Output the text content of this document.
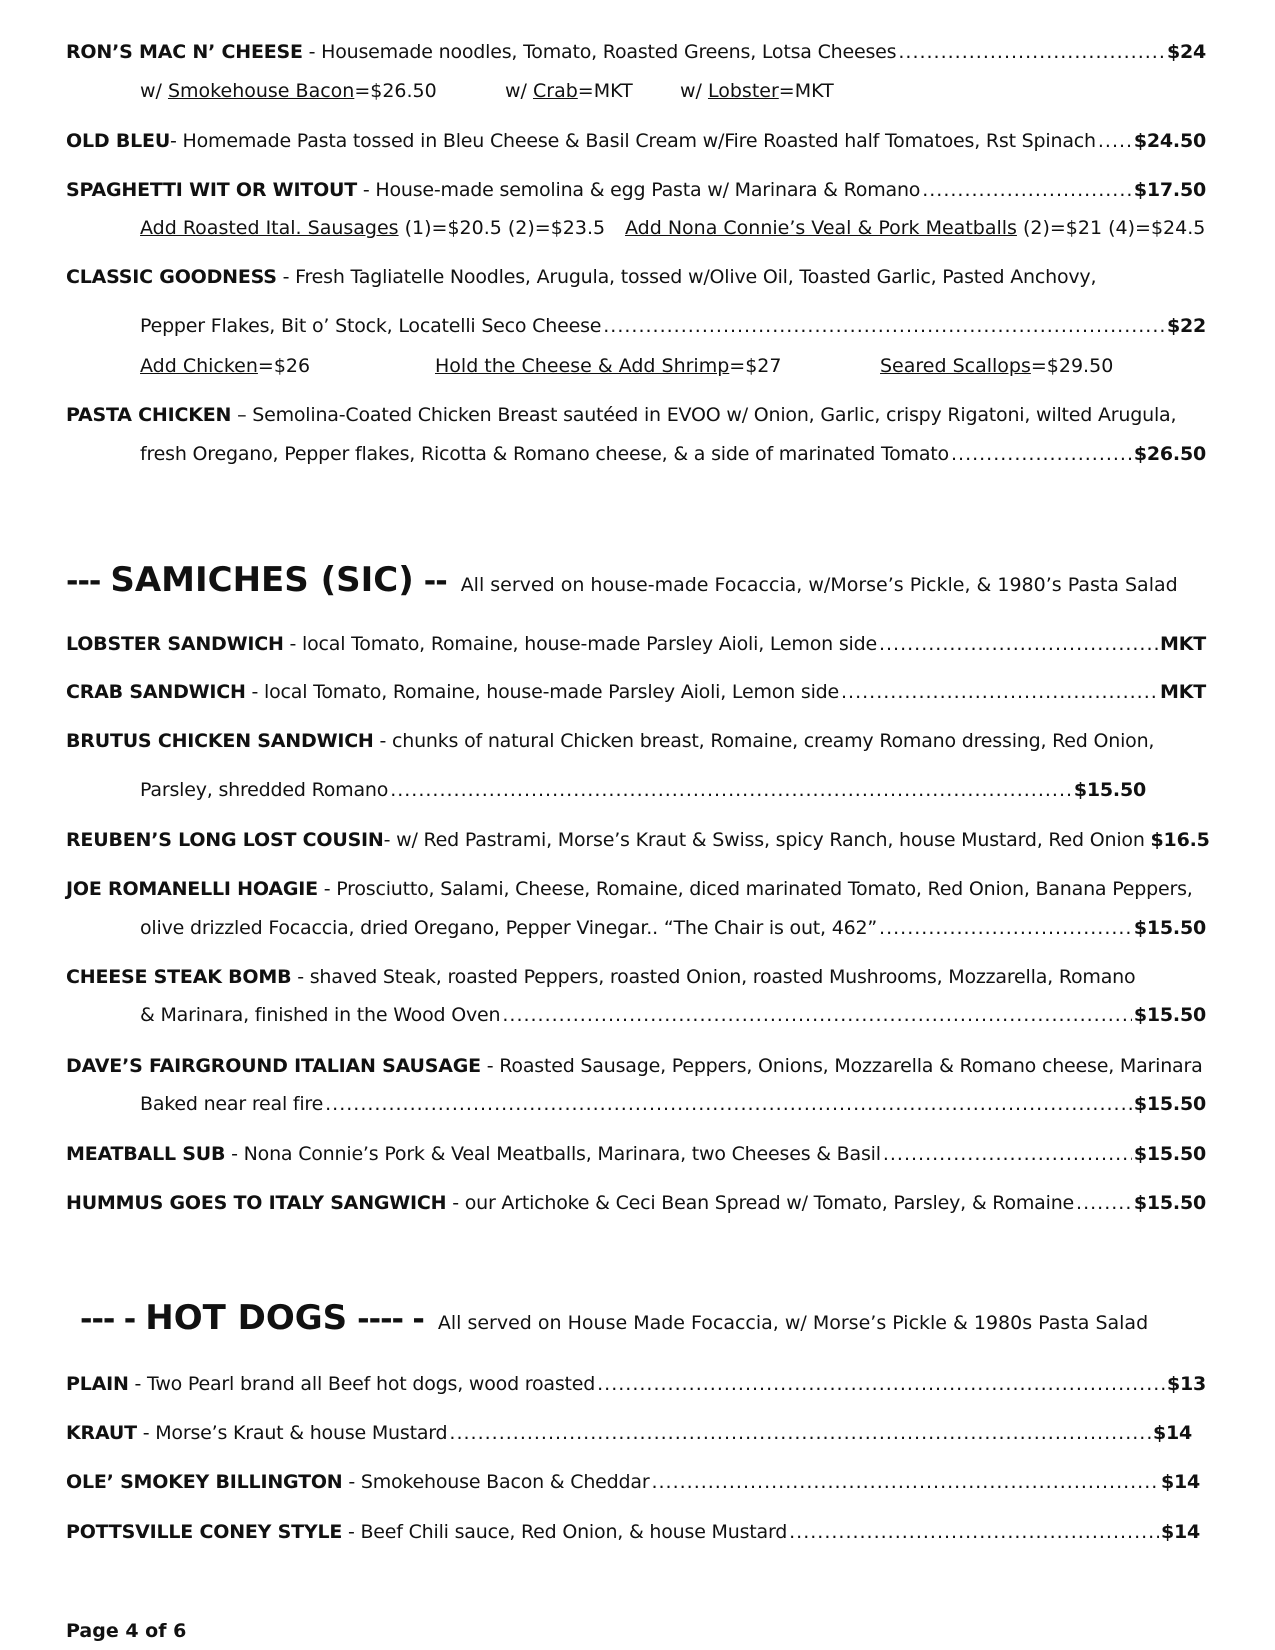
RON’S MAC N’ CHEESE - Housemade noodles, Tomato, Roasted Greens, Lotsa Cheeses .....	$24
w/ Smokehouse Bacon=$26.50	w/ Crab=MKT w/ Lobster=MKT
OLD BLEU- Homemade Pasta tossed in Bleu Cheese & Basil Cream w/Fire Roasted half Tomatoes, Rst Spinach ..... $24.50
SPAGHETTI WIT OR WITOUT - House-made semolina & egg Pasta w/ Marinara & Romano .....	$17.50
Add Roasted Ital. Sausages (1)=$20.5 (2)=$23.5 Add Nona Connie’s Veal & Pork Meatballs (2)=$21 (4)=$24.5
CLASSIC GOODNESS - Fresh Tagliatelle Noodles, Arugula, tossed w/Olive Oil, Toasted Garlic, Pasted Anchovy,
Pepper Flakes, Bit o’ Stock, Locatelli Seco Cheese .....	$22
Add Chicken=$26	Hold the Cheese & Add Shrimp=$27	Seared Scallops=$29.50
PASTA CHICKEN – Semolina-Coated Chicken Breast sautéed in EVOO w/ Onion, Garlic, crispy Rigatoni, wilted Arugula,
fresh Oregano, Pepper flakes, Ricotta & Romano cheese, & a side of marinated Tomato .....	$26.50
--- SAMICHES (SIC) -- All served on house-made Focaccia, w/Morse’s Pickle, & 1980’s Pasta Salad
LOBSTER SANDWICH - local Tomato, Romaine, house-made Parsley Aioli, Lemon side .....	MKT
CRAB SANDWICH - local Tomato, Romaine, house-made Parsley Aioli, Lemon side .....	MKT
BRUTUS CHICKEN SANDWICH - chunks of natural Chicken breast, Romaine, creamy Romano dressing, Red Onion,
Parsley, shredded Romano .....	$15.50
REUBEN’S LONG LOST COUSIN- w/ Red Pastrami, Morse’s Kraut & Swiss, spicy Ranch, house Mustard, Red Onion $16.5
JOE ROMANELLI HOAGIE - Prosciutto, Salami, Cheese, Romaine, diced marinated Tomato, Red Onion, Banana Peppers,
olive drizzled Focaccia, dried Oregano, Pepper Vinegar.. “The Chair is out, 462” .....	$15.50
CHEESE STEAK BOMB - shaved Steak, roasted Peppers, roasted Onion, roasted Mushrooms, Mozzarella, Romano
& Marinara, finished in the Wood Oven .....	$15.50
DAVE’S FAIRGROUND ITALIAN SAUSAGE - Roasted Sausage, Peppers, Onions, Mozzarella & Romano cheese, Marinara
Baked near real fire .....	$15.50
MEATBALL SUB - Nona Connie’s Pork & Veal Meatballs, Marinara, two Cheeses & Basil .....	$15.50
HUMMUS GOES TO ITALY SANGWICH - our Artichoke & Ceci Bean Spread w/ Tomato, Parsley, & Romaine .....	$15.50
--- - HOT DOGS ---- - All served on House Made Focaccia, w/ Morse’s Pickle & 1980s Pasta Salad
PLAIN - Two Pearl brand all Beef hot dogs, wood roasted .....	$13
KRAUT - Morse’s Kraut & house Mustard .....	$14
OLE’ SMOKEY BILLINGTON - Smokehouse Bacon & Cheddar .....	$14
POTTSVILLE CONEY STYLE - Beef Chili sauce, Red Onion, & house Mustard .....	$14
Page 4 of 6
